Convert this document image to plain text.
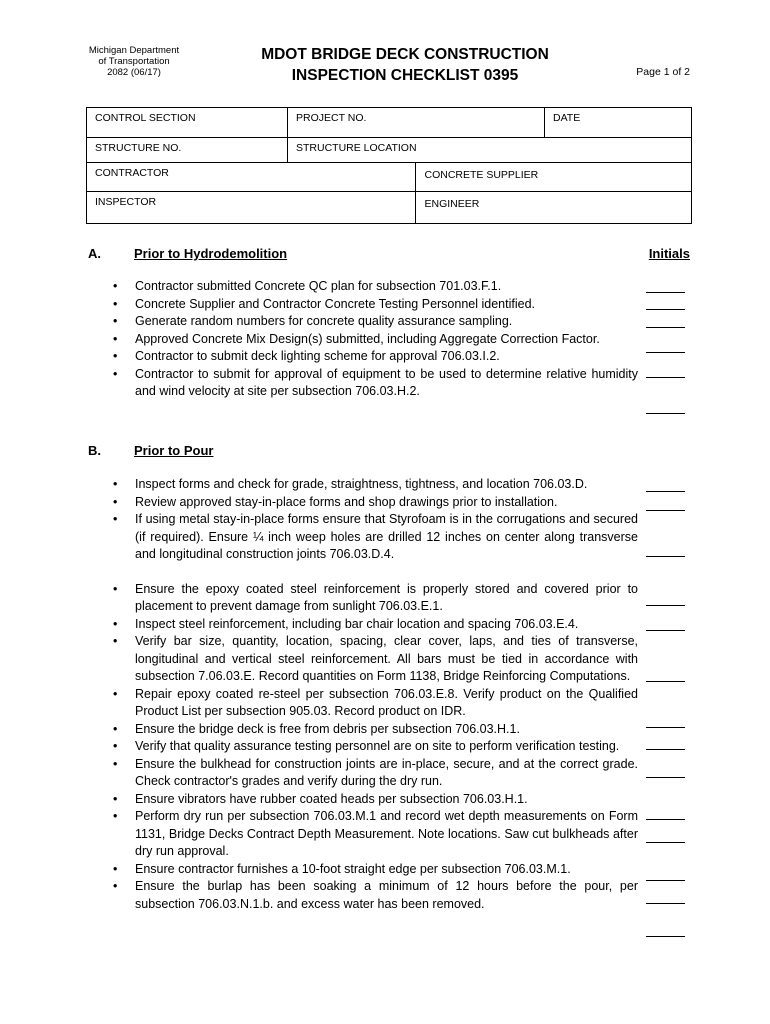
Michigan Department
of Transportation
2082 (06/17)
MDOT BRIDGE DECK CONSTRUCTION
INSPECTION CHECKLIST 0395	Page 1 of 2
CONTROL SECTION	PROJECT NO.		DATE
STRUCTURE NO.	STRUCTURE LOCATION		
CONTRACTOR		CONCRETE SUPPLIER	
INSPECTOR		ENGINEER	
A.	Prior to Hydrodemolition	Initials
• Contractor submitted Concrete QC plan for subsection 701.03.F.1.
• Concrete Supplier and Contractor Concrete Testing Personnel identified.
• Generate random numbers for concrete quality assurance sampling.
• Approved Concrete Mix Design(s) submitted, including Aggregate Correction Factor.
• Contractor to submit deck lighting scheme for approval 706.03.I.2.
• Contractor to submit for approval of equipment to be used to determine relative humidity and wind velocity at site per subsection 706.03.H.2.
B.	Prior to Pour
• Inspect forms and check for grade, straightness, tightness, and location 706.03.D.
• Review approved stay-in-place forms and shop drawings prior to installation.
• If using metal stay-in-place forms ensure that Styrofoam is in the corrugations and secured (if required). Ensure ¼ inch weep holes are drilled 12 inches on center along transverse and longitudinal construction joints 706.03.D.4.
• Ensure the epoxy coated steel reinforcement is properly stored and covered prior to placement to prevent damage from sunlight 706.03.E.1.
• Inspect steel reinforcement, including bar chair location and spacing 706.03.E.4.
• Verify bar size, quantity, location, spacing, clear cover, laps, and ties of transverse, longitudinal and vertical steel reinforcement. All bars must be tied in accordance with subsection 7.06.03.E. Record quantities on Form 1138, Bridge Reinforcing Computations.
• Repair epoxy coated re-steel per subsection 706.03.E.8. Verify product on the Qualified Product List per subsection 905.03. Record product on IDR.
• Ensure the bridge deck is free from debris per subsection 706.03.H.1.
• Verify that quality assurance testing personnel are on site to perform verification testing.
• Ensure the bulkhead for construction joints are in-place, secure, and at the correct grade. Check contractor's grades and verify during the dry run.
• Ensure vibrators have rubber coated heads per subsection 706.03.H.1.
• Perform dry run per subsection 706.03.M.1 and record wet depth measurements on Form 1131, Bridge Decks Contract Depth Measurement. Note locations. Saw cut bulkheads after dry run approval.
• Ensure contractor furnishes a 10-foot straight edge per subsection 706.03.M.1.
• Ensure the burlap has been soaking a minimum of 12 hours before the pour, per subsection 706.03.N.1.b. and excess water has been removed.
